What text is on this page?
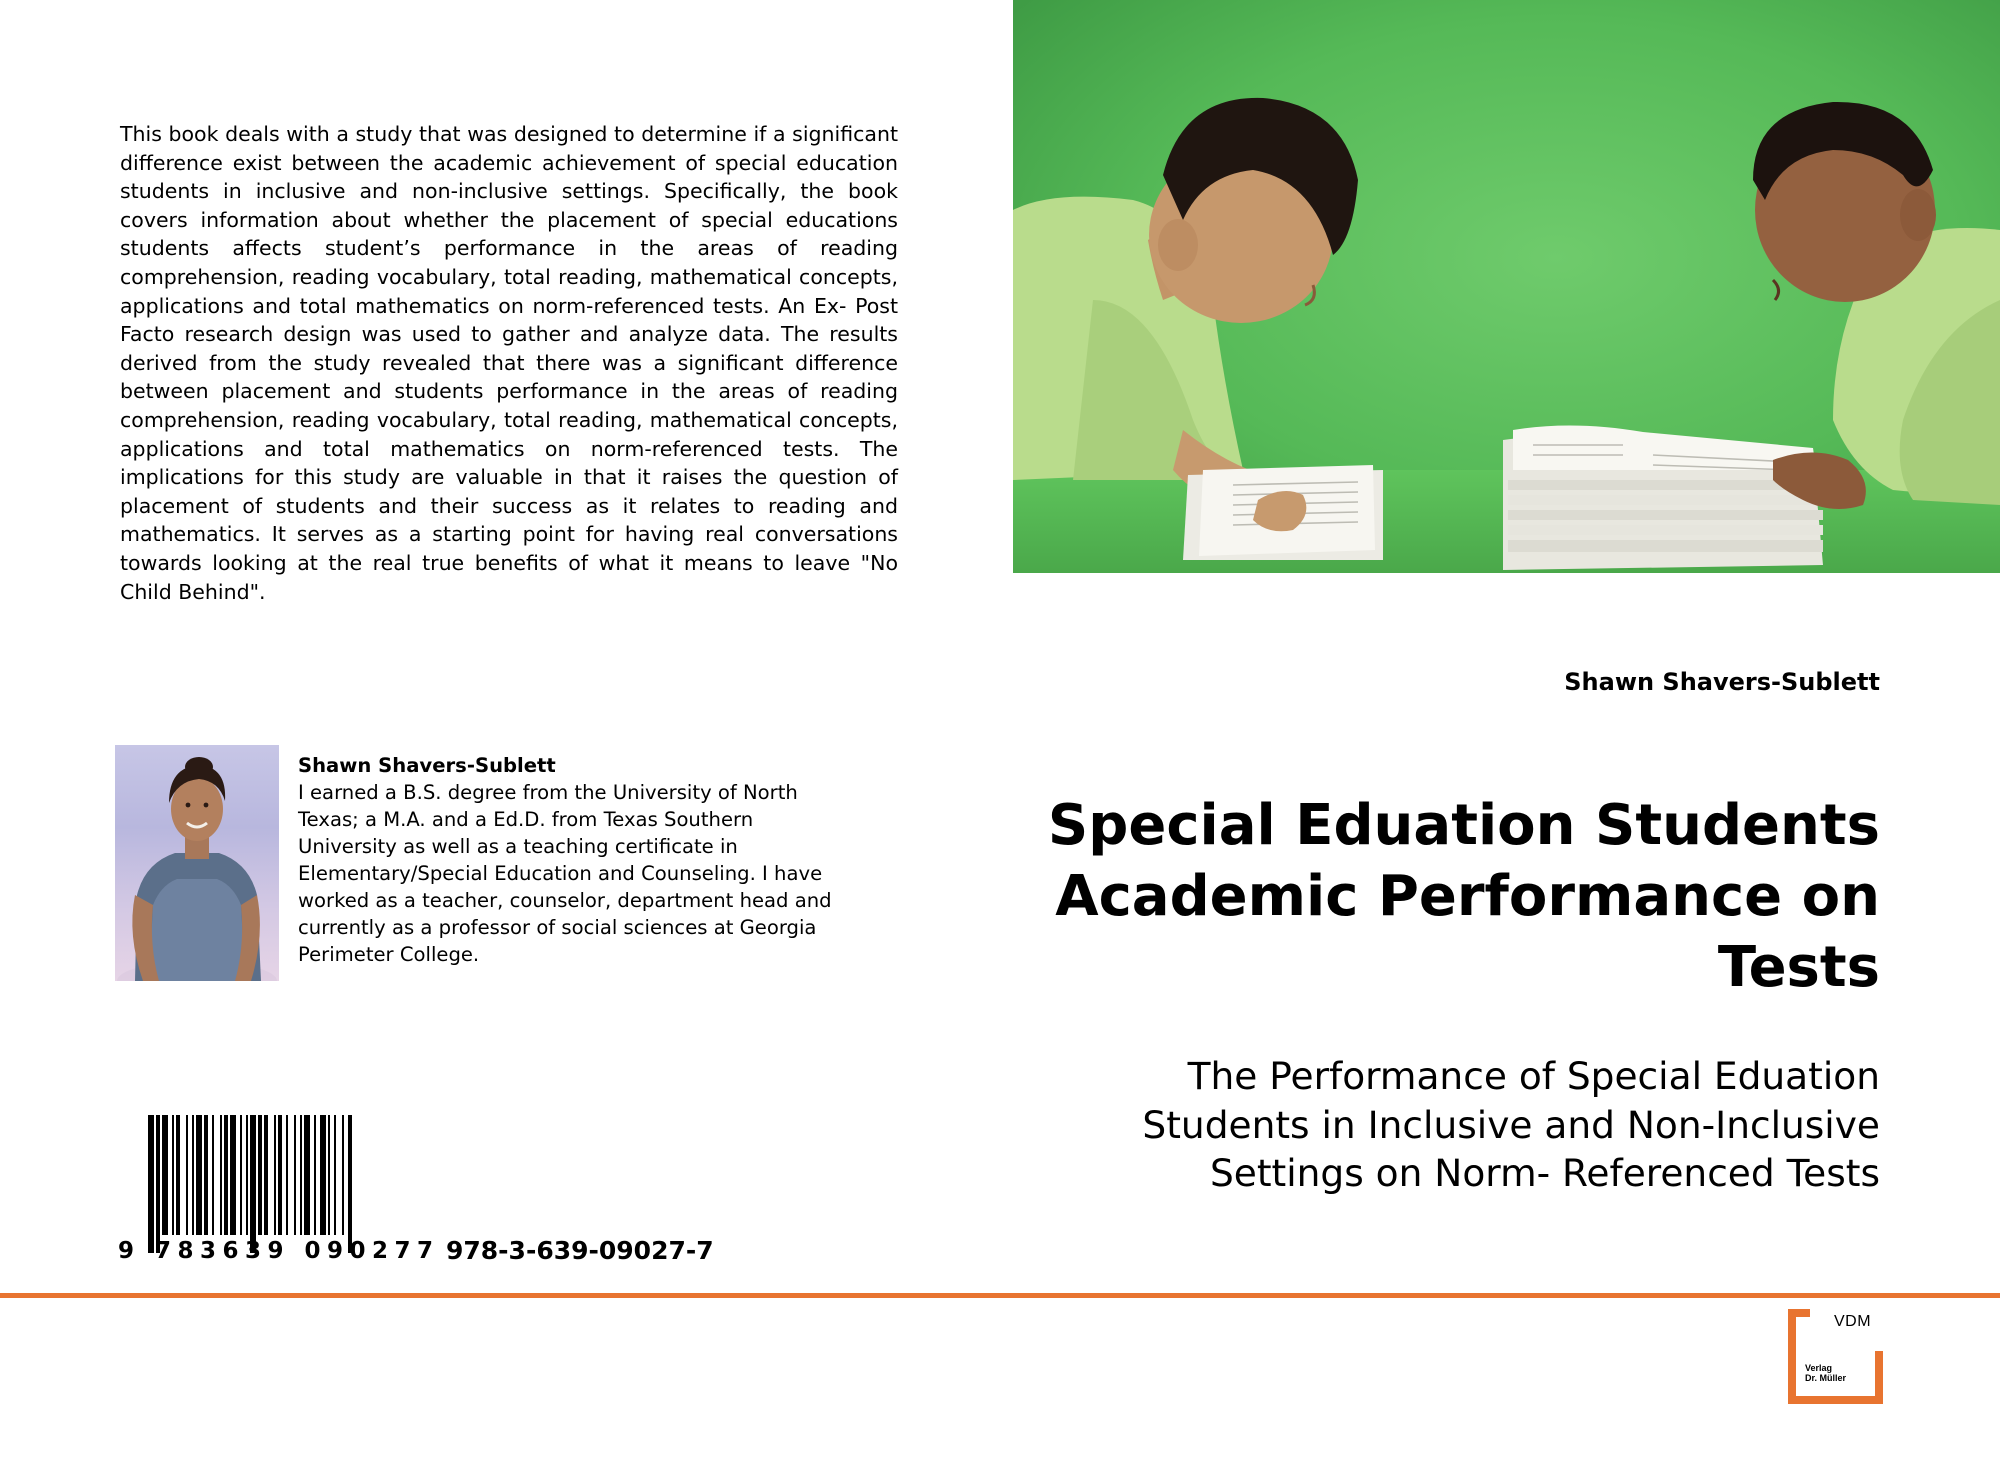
This book deals with a study that was designed to determine if a significant difference exist between the academic achievement of special education students in inclusive and non-inclusive settings. Specifically, the book covers information about whether the placement of special educations students affects student’s performance in the areas of reading comprehension, reading vocabulary, total reading, mathematical concepts, applications and total mathematics on norm-referenced tests. An Ex- Post Facto research design was used to gather and analyze data. The results derived from the study revealed that there was a significant difference between placement and students performance in the areas of reading comprehension, reading vocabulary, total reading, mathematical concepts, applications and total mathematics on norm-referenced tests. The implications for this study are valuable in that it raises the question of placement of students and their success as it relates to reading and mathematics. It serves as a starting point for having real conversations towards looking at the real true benefits of what it means to leave "No Child Behind".

Shawn Shavers-Sublett
I earned a B.S. degree from the University of North Texas; a M.A. and a Ed.D. from Texas Southern University as well as a teaching certificate in Elementary/Special Education and Counseling. I have worked as a teacher, counselor, department head and currently as a professor of social sciences at Georgia Perimeter College.
9 783639 090277 978-3-639-09027-7
Shawn Shavers-Sublett
Special Eduation Students Academic Performance on Tests
The Performance of Special Eduation Students in Inclusive and Non-Inclusive Settings on Norm- Referenced Tests
VDM
Verlag
Dr. Müller
